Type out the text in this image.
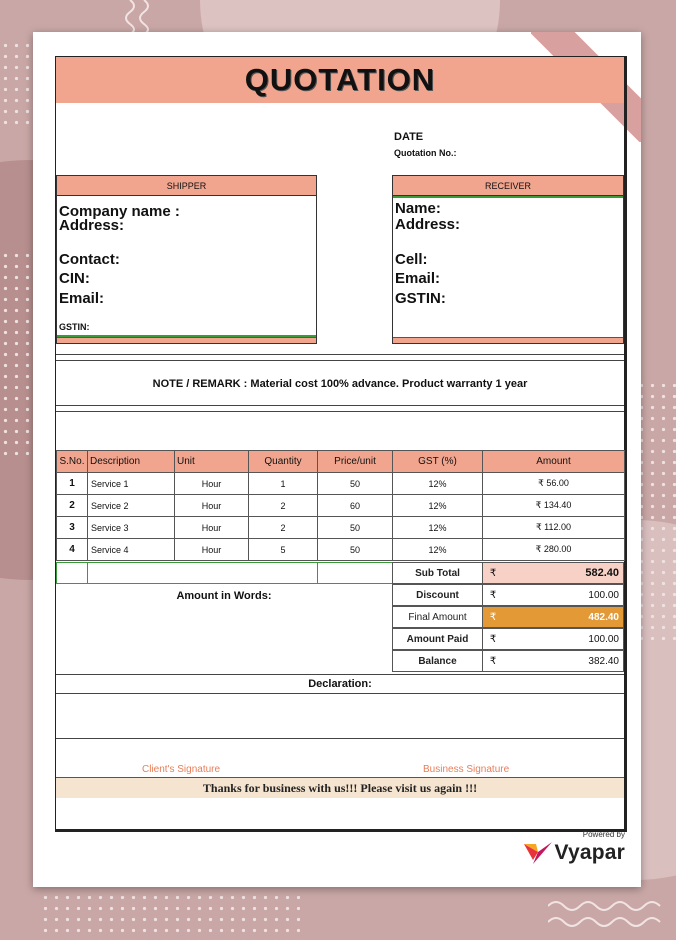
QUOTATION
DATE
Quotation No.:
SHIPPER
Company name :
Address:
Contact:
CIN:
Email:
GSTIN:
RECEIVER
Name:
Address:
Cell:
Email:
GSTIN:
NOTE / REMARK : Material cost 100% advance. Product warranty 1 year
S.No.	Description	Unit	Quantity	Price/unit	GST (%)	Amount
1	Service 1	Hour	1	50	12%	₹ 56.00
2	Service 2	Hour	2	60	12%	₹ 134.40
3	Service 3	Hour	2	50	12%	₹ 112.00
4	Service 4	Hour	5	50	12%	₹ 280.00
Amount in Words:
Sub Total	₹	582.40
Discount	₹	100.00
Final Amount	₹	482.40
Amount Paid	₹	100.00
Balance	₹	382.40
Declaration:
Client's Signature	Business Signature
Thanks for business with us!!! Please visit us again !!!
Powered by
Vyapar
